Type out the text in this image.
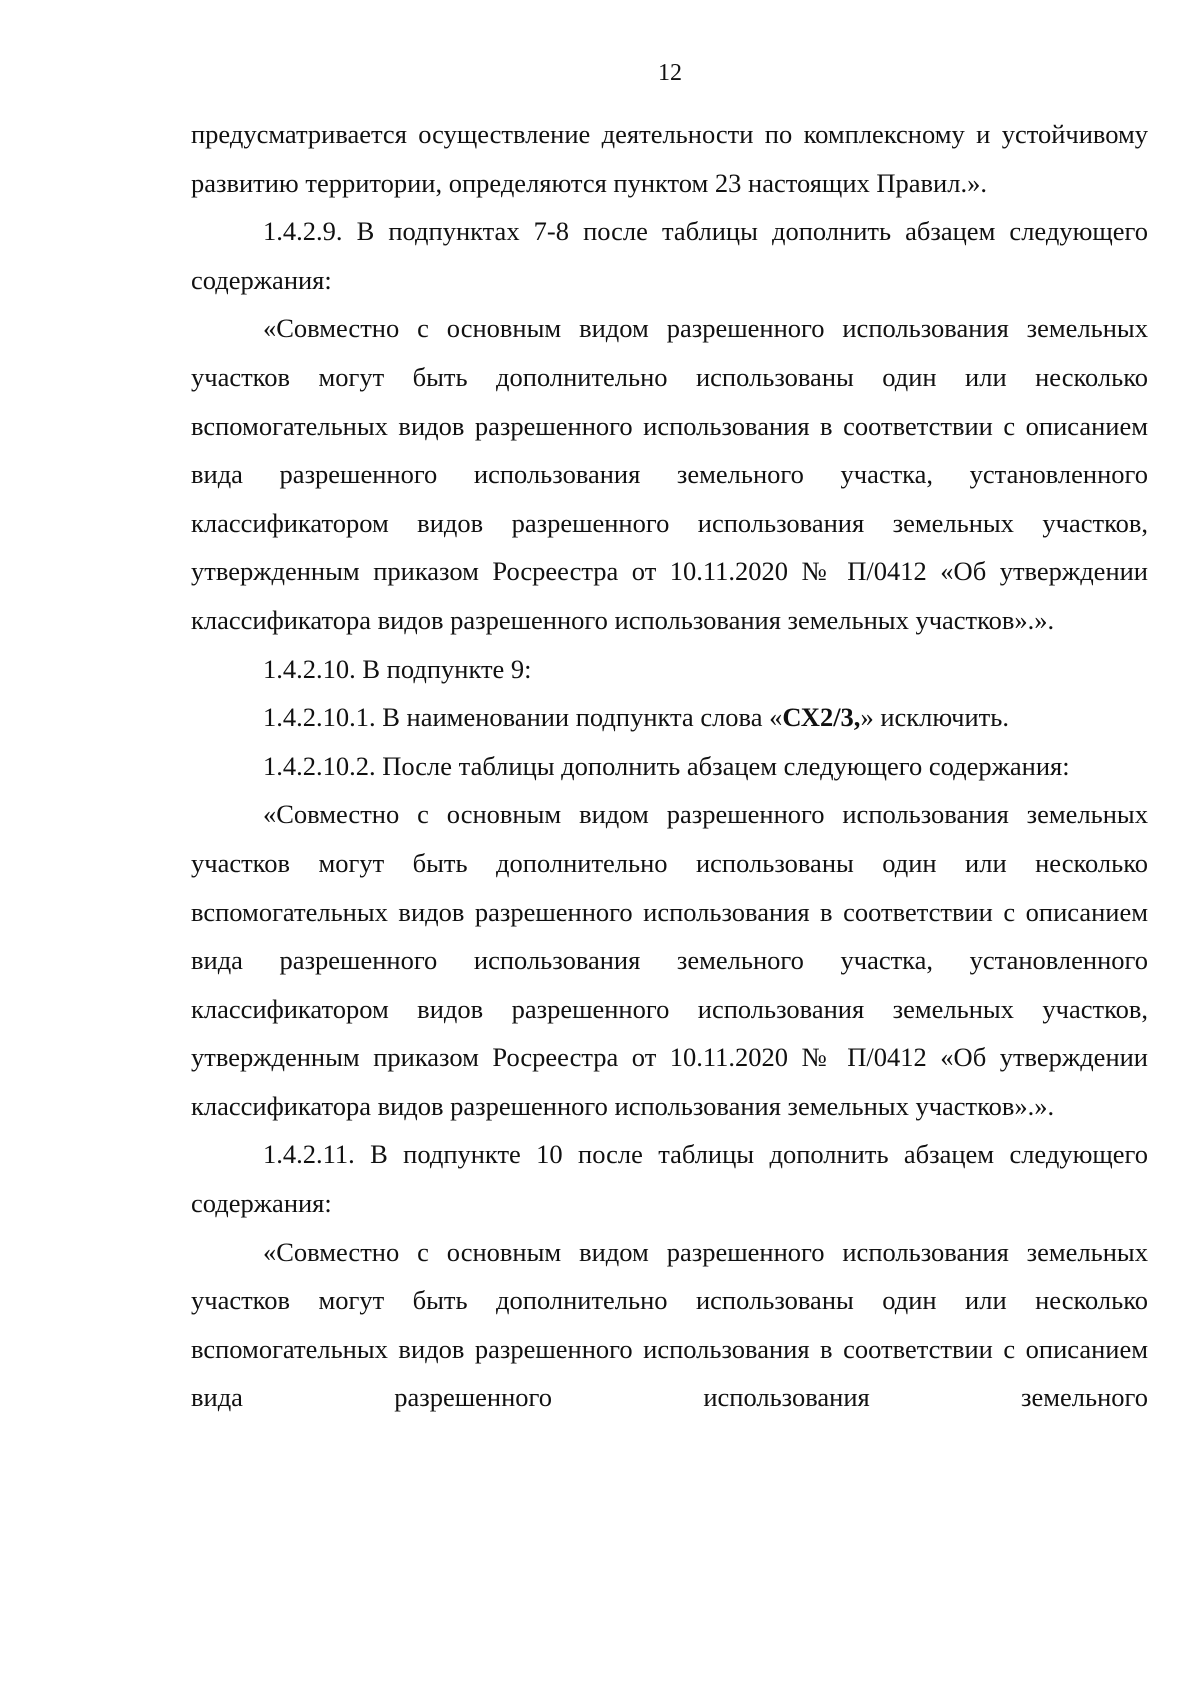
12

предусматривается осуществление деятельности по комплексному и устойчивому развитию территории, определяются пунктом 23 настоящих Правил.».

1.4.2.9. В подпунктах 7-8 после таблицы дополнить абзацем следующего содержания:

«Совместно с основным видом разрешенного использования земельных участков могут быть дополнительно использованы один или несколько вспомогательных видов разрешенного использования в соответствии с описанием вида разрешенного использования земельного участка, установленного классификатором видов разрешенного использования земельных участков, утвержденным приказом Росреестра от 10.11.2020 № П/0412 «Об утверждении классификатора видов разрешенного использования земельных участков».».

1.4.2.10. В подпункте 9:

1.4.2.10.1. В наименовании подпункта слова «СХ2/3,» исключить.

1.4.2.10.2. После таблицы дополнить абзацем следующего содержания:

«Совместно с основным видом разрешенного использования земельных участков могут быть дополнительно использованы один или несколько вспомогательных видов разрешенного использования в соответствии с описанием вида разрешенного использования земельного участка, установленного классификатором видов разрешенного использования земельных участков, утвержденным приказом Росреестра от 10.11.2020 № П/0412 «Об утверждении классификатора видов разрешенного использования земельных участков».».

1.4.2.11. В подпункте 10 после таблицы дополнить абзацем следующего содержания:

«Совместно с основным видом разрешенного использования земельных участков могут быть дополнительно использованы один или несколько вспомогательных видов разрешенного использования в соответствии с описанием вида разрешенного использования земельного
